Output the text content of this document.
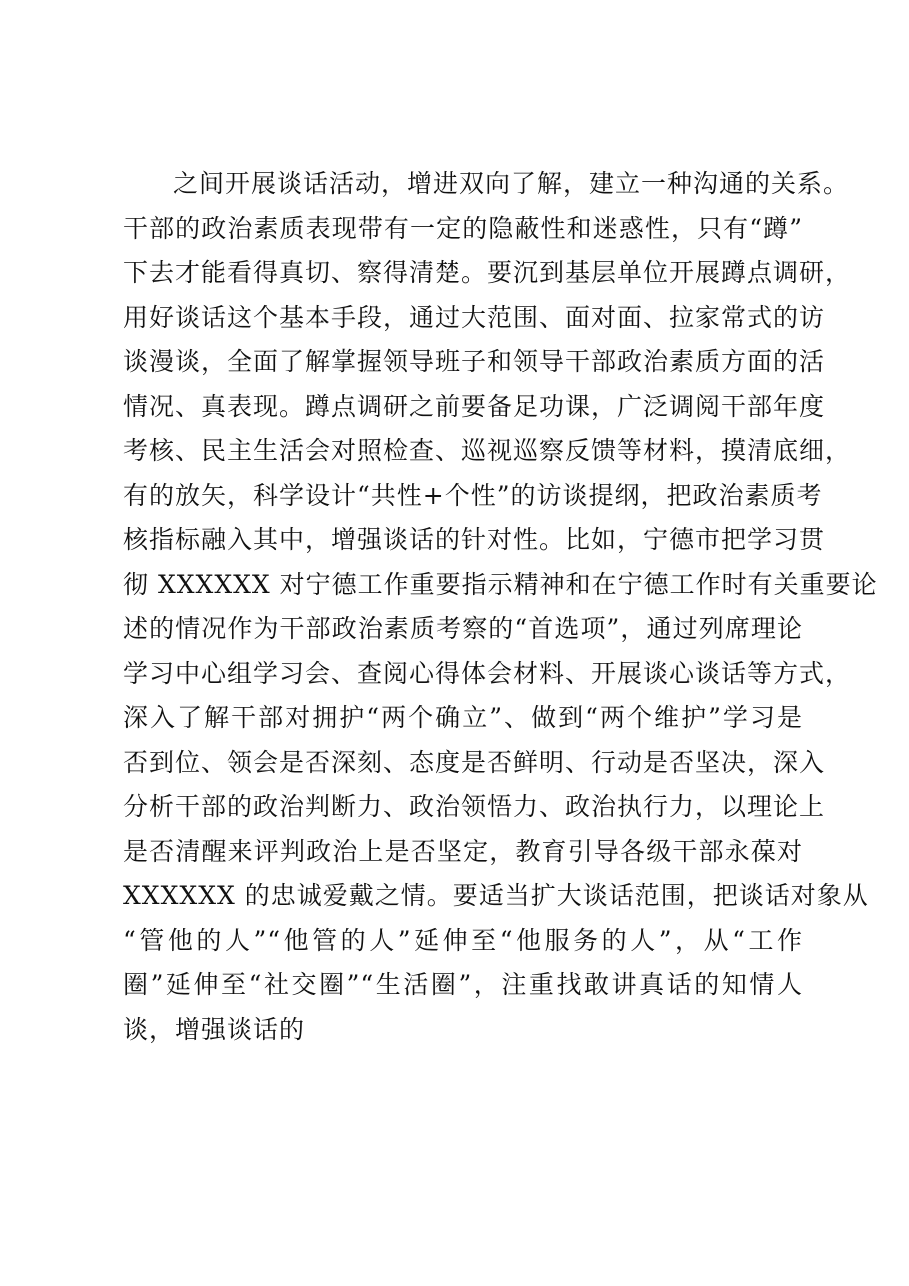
之间开展谈话活动，增进双向了解，建立一种沟通的关系。
干部的政治素质表现带有一定的隐蔽性和迷惑性，只有“蹲”
下去才能看得真切、察得清楚。要沉到基层单位开展蹲点调研，
用好谈话这个基本手段，通过大范围、面对面、拉家常式的访
谈漫谈，全面了解掌握领导班子和领导干部政治素质方面的活
情况、真表现。蹲点调研之前要备足功课，广泛调阅干部年度
考核、民主生活会对照检查、巡视巡察反馈等材料，摸清底细，
有的放矢，科学设计“共性+个性”的访谈提纲，把政治素质考
核指标融入其中，增强谈话的针对性。比如，宁德市把学习贯
彻 XXXXXX 对宁德工作重要指示精神和在宁德工作时有关重要论
述的情况作为干部政治素质考察的“首选项”，通过列席理论
学习中心组学习会、查阅心得体会材料、开展谈心谈话等方式，
深入了解干部对拥护“两个确立”、做到“两个维护”学习是
否到位、领会是否深刻、态度是否鲜明、行动是否坚决，深入
分析干部的政治判断力、政治领悟力、政治执行力，以理论上
是否清醒来评判政治上是否坚定，教育引导各级干部永葆对
XXXXXX 的忠诚爱戴之情。要适当扩大谈话范围，把谈话对象从
“管他的人”“他管的人”延伸至“他服务的人”，从“工作
圈”延伸至“社交圈”“生活圈”，注重找敢讲真话的知情人
谈，增强谈话的
